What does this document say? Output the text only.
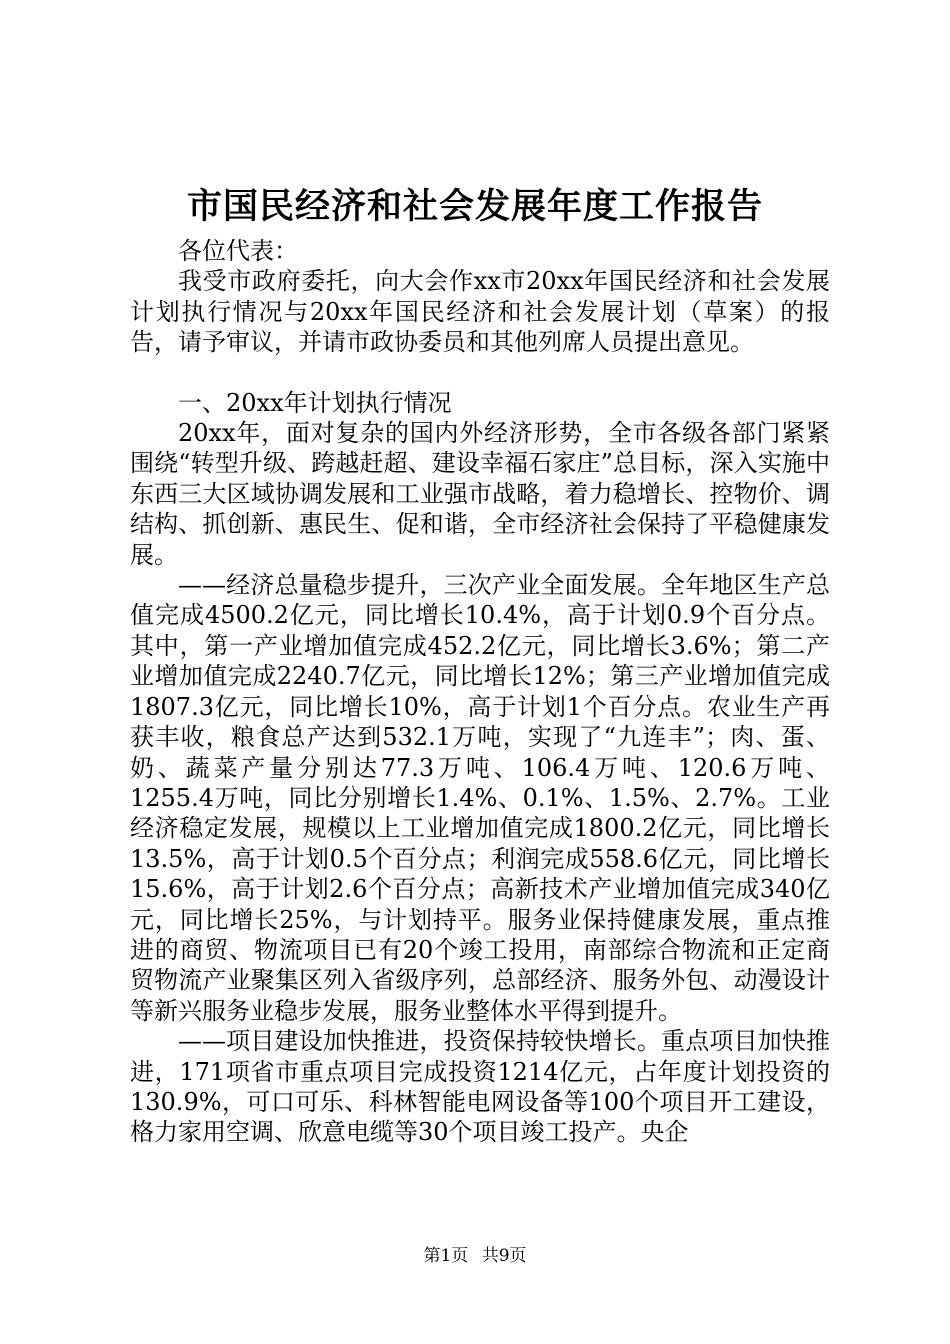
市国民经济和社会发展年度工作报告

各位代表：

我受市政府委托，向大会作xx市20xx年国民经济和社会发展计划执行情况与20xx年国民经济和社会发展计划（草案）的报告，请予审议，并请市政协委员和其他列席人员提出意见。

一、20xx年计划执行情况

20xx年，面对复杂的国内外经济形势，全市各级各部门紧紧围绕“转型升级、跨越赶超、建设幸福石家庄”总目标，深入实施中东西三大区域协调发展和工业强市战略，着力稳增长、控物价、调结构、抓创新、惠民生、促和谐，全市经济社会保持了平稳健康发展。

——经济总量稳步提升，三次产业全面发展。全年地区生产总值完成4500.2亿元，同比增长10.4%，高于计划0.9个百分点。其中，第一产业增加值完成452.2亿元，同比增长3.6%；第二产业增加值完成2240.7亿元，同比增长12%；第三产业增加值完成1807.3亿元，同比增长10%，高于计划1个百分点。农业生产再获丰收，粮食总产达到532.1万吨，实现了“九连丰”；肉、蛋、奶、蔬菜产量分别达77.3万吨、106.4万吨、120.6万吨、1255.4万吨，同比分别增长1.4%、0.1%、1.5%、2.7%。工业经济稳定发展，规模以上工业增加值完成1800.2亿元，同比增长13.5%，高于计划0.5个百分点；利润完成558.6亿元，同比增长15.6%，高于计划2.6个百分点；高新技术产业增加值完成340亿元，同比增长25%，与计划持平。服务业保持健康发展，重点推进的商贸、物流项目已有20个竣工投用，南部综合物流和正定商贸物流产业聚集区列入省级序列，总部经济、服务外包、动漫设计等新兴服务业稳步发展，服务业整体水平得到提升。

——项目建设加快推进，投资保持较快增长。重点项目加快推进，171项省市重点项目完成投资1214亿元，占年度计划投资的130.9%，可口可乐、科林智能电网设备等100个项目开工建设，格力家用空调、欣意电缆等30个项目竣工投产。央企

第1页 共9页
